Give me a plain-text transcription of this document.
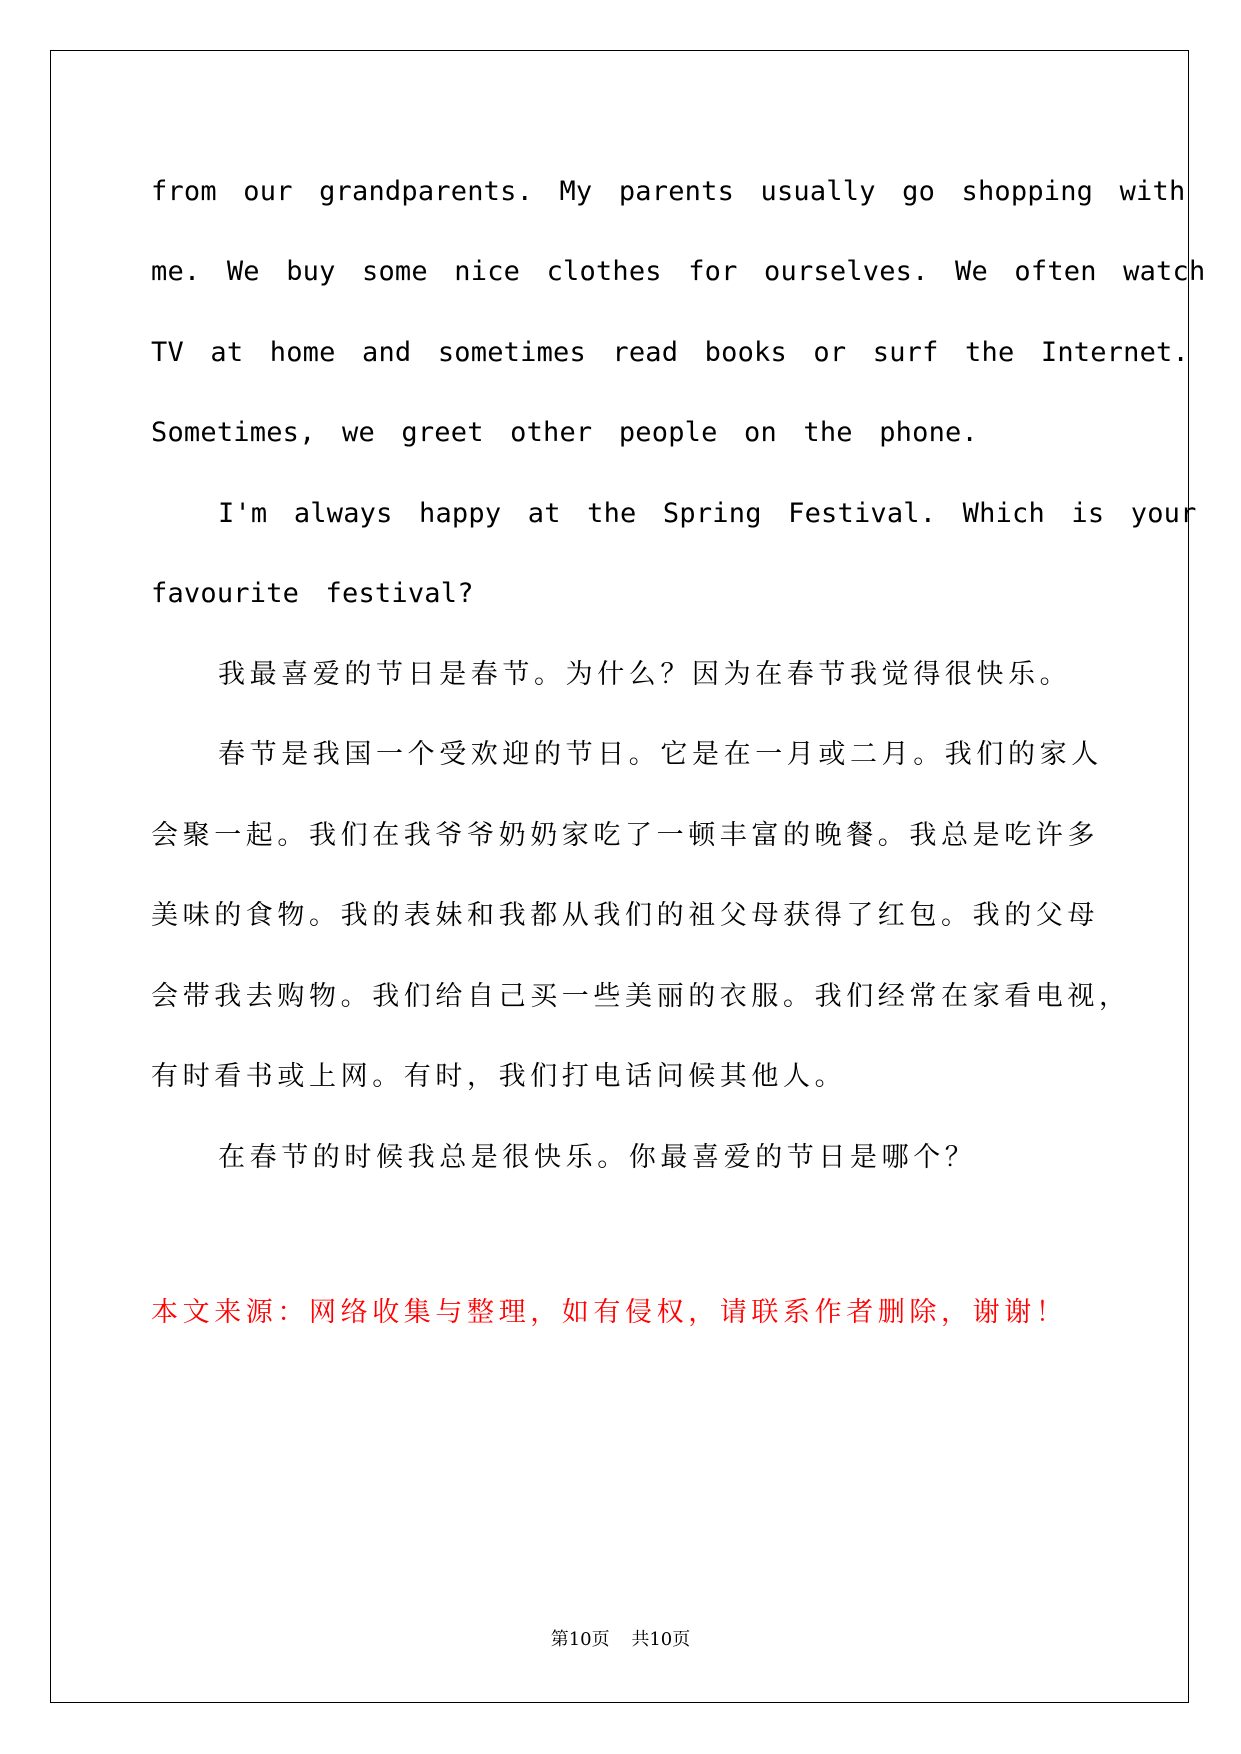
from our grandparents. My parents usually go shopping with

me. We buy some nice clothes for ourselves. We often watch

TV at home and sometimes read books or surf the Internet.

Sometimes, we greet other people on the phone.

I'm always happy at the Spring Festival. Which is your

favourite festival?

我最喜爱的节日是春节。为什么？因为在春节我觉得很快乐。

春节是我国一个受欢迎的节日。它是在一月或二月。我们的家人

会聚一起。我们在我爷爷奶奶家吃了一顿丰富的晚餐。我总是吃许多

美味的食物。我的表妹和我都从我们的祖父母获得了红包。我的父母

会带我去购物。我们给自己买一些美丽的衣服。我们经常在家看电视，

有时看书或上网。有时，我们打电话问候其他人。

在春节的时候我总是很快乐。你最喜爱的节日是哪个？

本文来源：网络收集与整理，如有侵权，请联系作者删除，谢谢！

第10页 共10页
